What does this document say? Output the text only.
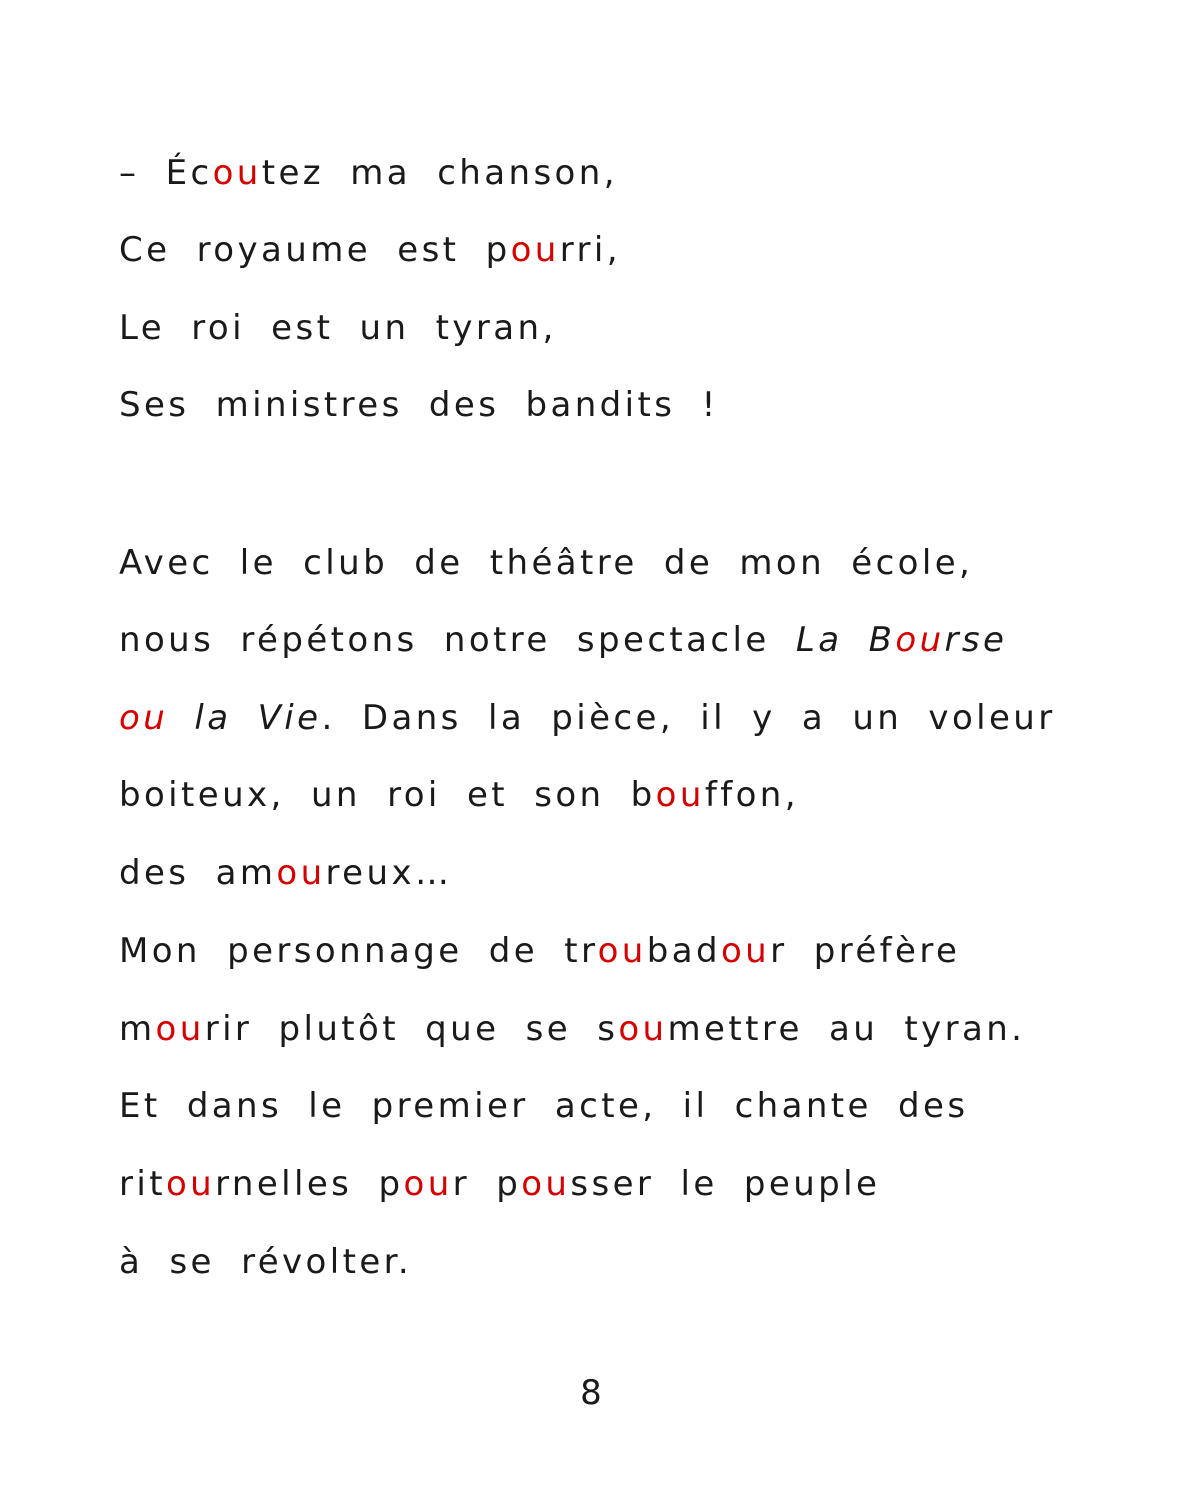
– Écoutez ma chanson,
Ce royaume est pourri,
Le roi est un tyran,
Ses ministres des bandits !
Avec le club de théâtre de mon école,
nous répétons notre spectacle La Bourse
ou la Vie. Dans la pièce, il y a un voleur
boiteux, un roi et son bouffon,
des amoureux…
Mon personnage de troubadour préfère
mourir plutôt que se soumettre au tyran.
Et dans le premier acte, il chante des
ritournelles pour pousser le peuple
à se révolter.
8
